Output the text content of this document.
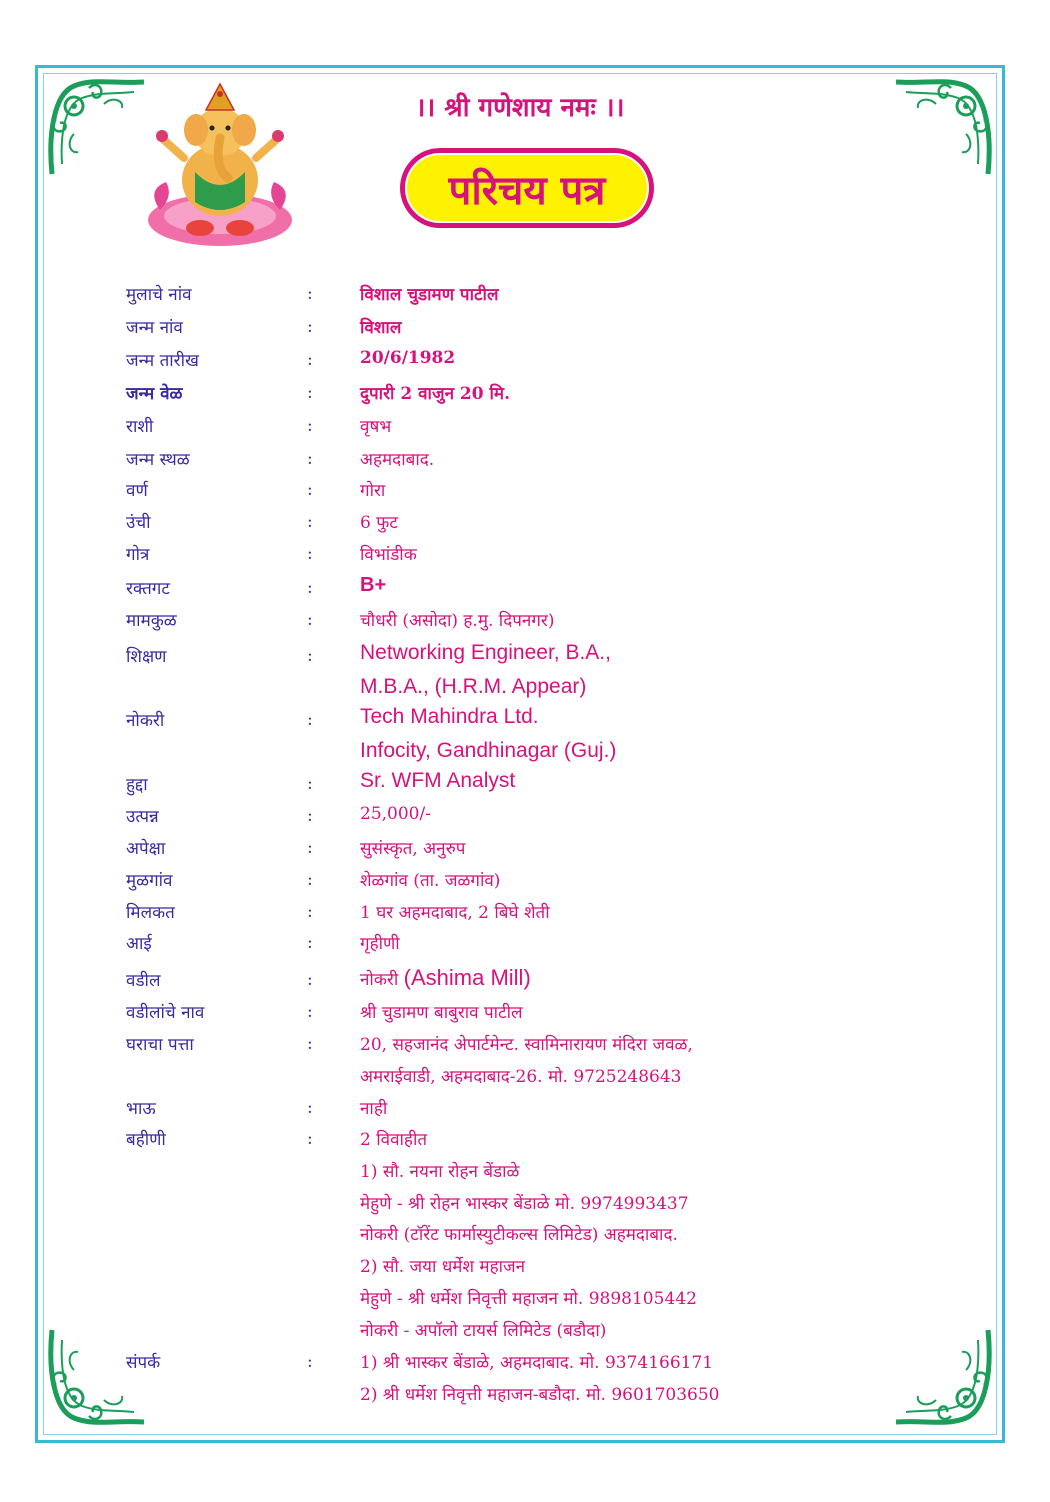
।। श्री गणेशाय नमः ।।
परिचय पत्र
मुलाचे नांव	:	विशाल चुडामण पाटील
जन्म नांव	:	विशाल
जन्म तारीख	:	20/6/1982
जन्म वेळ	:	दुपारी 2 वाजुन 20 मि.
राशी	:	वृषभ
जन्म स्थळ	:	अहमदाबाद.
वर्ण	:	गोरा
उंची	:	6 फुट
गोत्र	:	विभांडीक
रक्तगट	: B+
मामकुळ	:	चौधरी (असोदा) ह.मु. दिपनगर)
शिक्षण	: Networking Engineer, B.A.,
M.B.A., (H.R.M. Appear)
नोकरी	: Tech Mahindra Ltd.
Infocity, Gandhinagar (Guj.)
हुद्दा	: Sr. WFM Analyst
उत्पन्न	:	25,000/-
अपेक्षा	:	सुसंस्कृत, अनुरुप
मुळगांव	:	शेळगांव (ता. जळगांव)
मिलकत	:	1 घर अहमदाबाद, 2 बिघे शेती
आई	:	गृहीणी
वडील	:	नोकरी (Ashima Mill)
वडीलांचे नाव	:	श्री चुडामण बाबुराव पाटील
घराचा पत्ता	:	20, सहजानंद अेपार्टमेन्ट. स्वामिनारायण मंदिरा जवळ,
अमराईवाडी, अहमदाबाद-26. मो. 9725248643
भाऊ	:	नाही
बहीणी	:	2 विवाहीत
1) सौ. नयना रोहन बेंडाळे
मेहुणे - श्री रोहन भास्कर बेंडाळे मो. 9974993437
नोकरी (टॉरेंट फार्मास्युटीकल्स लिमिटेड) अहमदाबाद.
2) सौ. जया धर्मेश महाजन
मेहुणे - श्री धर्मेश निवृत्ती महाजन मो. 9898105442
नोकरी - अपॉलो टायर्स लिमिटेड (बडौदा)
संपर्क	:	1) श्री भास्कर बेंडाळे, अहमदाबाद. मो. 9374166171
2) श्री धर्मेश निवृत्ती महाजन-बडौदा. मो. 9601703650
